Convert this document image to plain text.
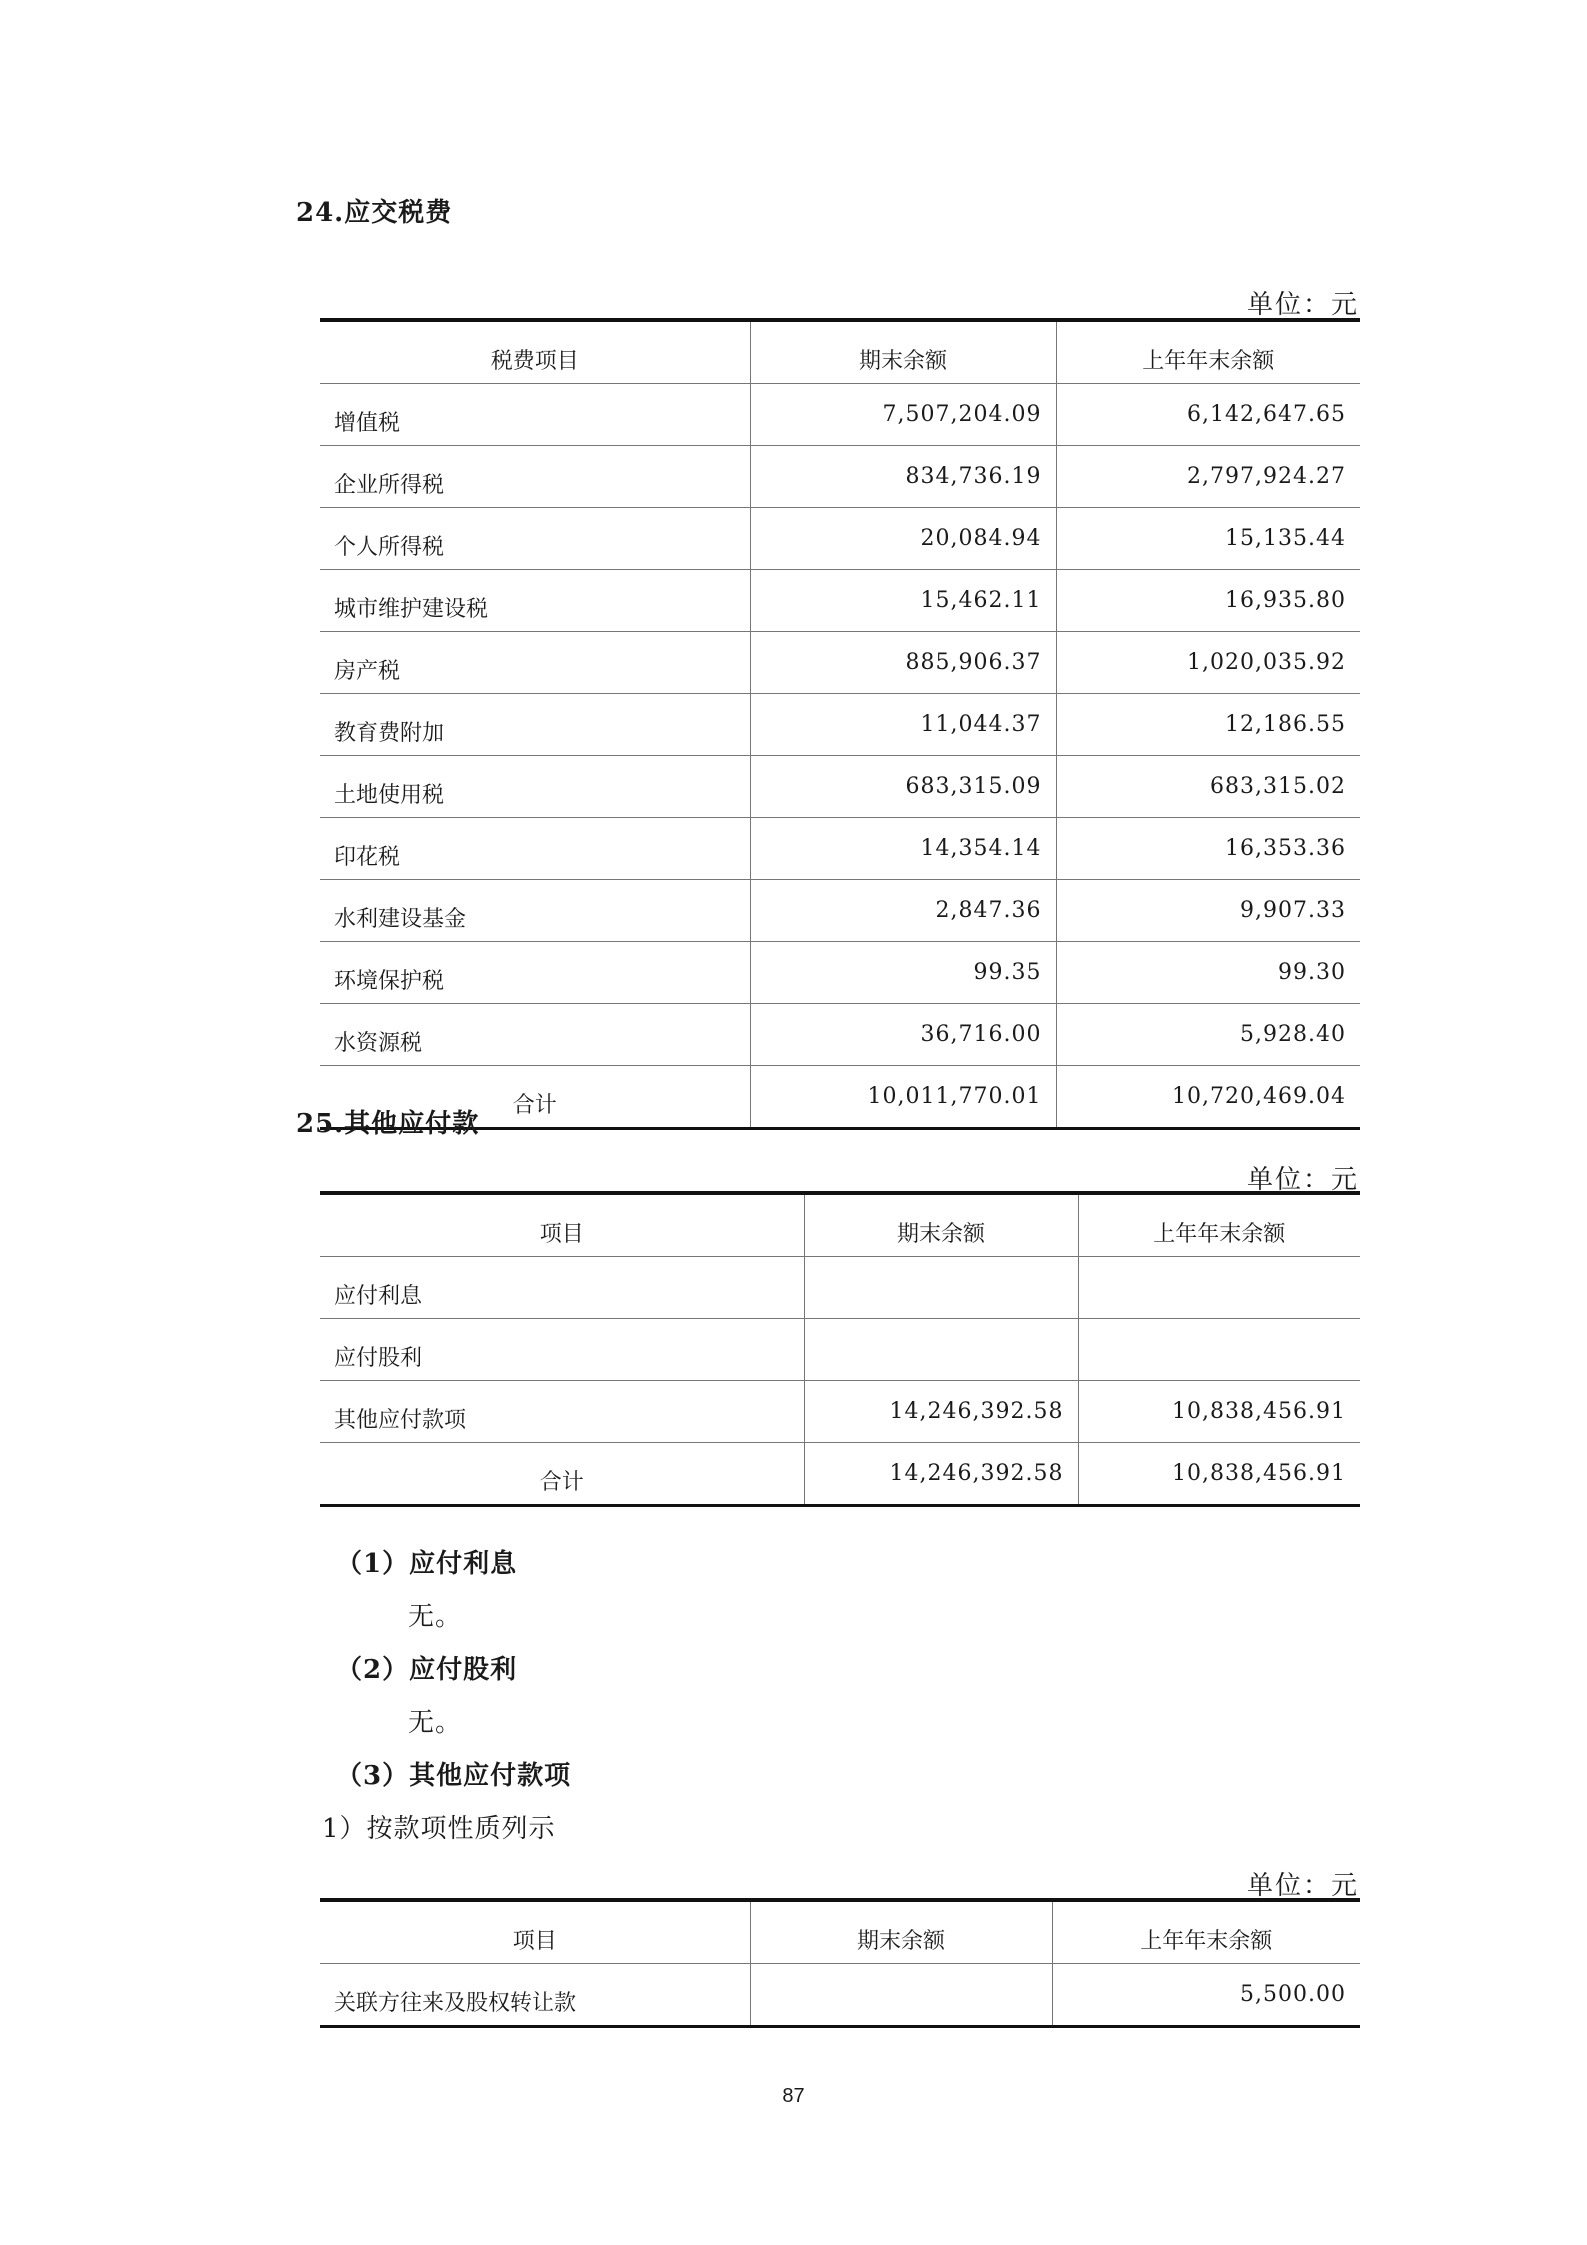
24.应交税费
单位：元
税费项目	期末余额	上年年末余额
增值税	7,507,204.09	6,142,647.65
企业所得税	834,736.19	2,797,924.27
个人所得税	20,084.94	15,135.44
城市维护建设税	15,462.11	16,935.80
房产税	885,906.37	1,020,035.92
教育费附加	11,044.37	12,186.55
土地使用税	683,315.09	683,315.02
印花税	14,354.14	16,353.36
水利建设基金	2,847.36	9,907.33
环境保护税	99.35	99.30
水资源税	36,716.00	5,928.40
合计	10,011,770.01	10,720,469.04
25.其他应付款
单位：元
项目	期末余额	上年年末余额
应付利息		
应付股利		
其他应付款项	14,246,392.58	10,838,456.91
合计	14,246,392.58	10,838,456.91
（1）应付利息
无。
（2）应付股利
无。
（3）其他应付款项
1）按款项性质列示
单位：元
项目	期末余额	上年年末余额
关联方往来及股权转让款		5,500.00
87
